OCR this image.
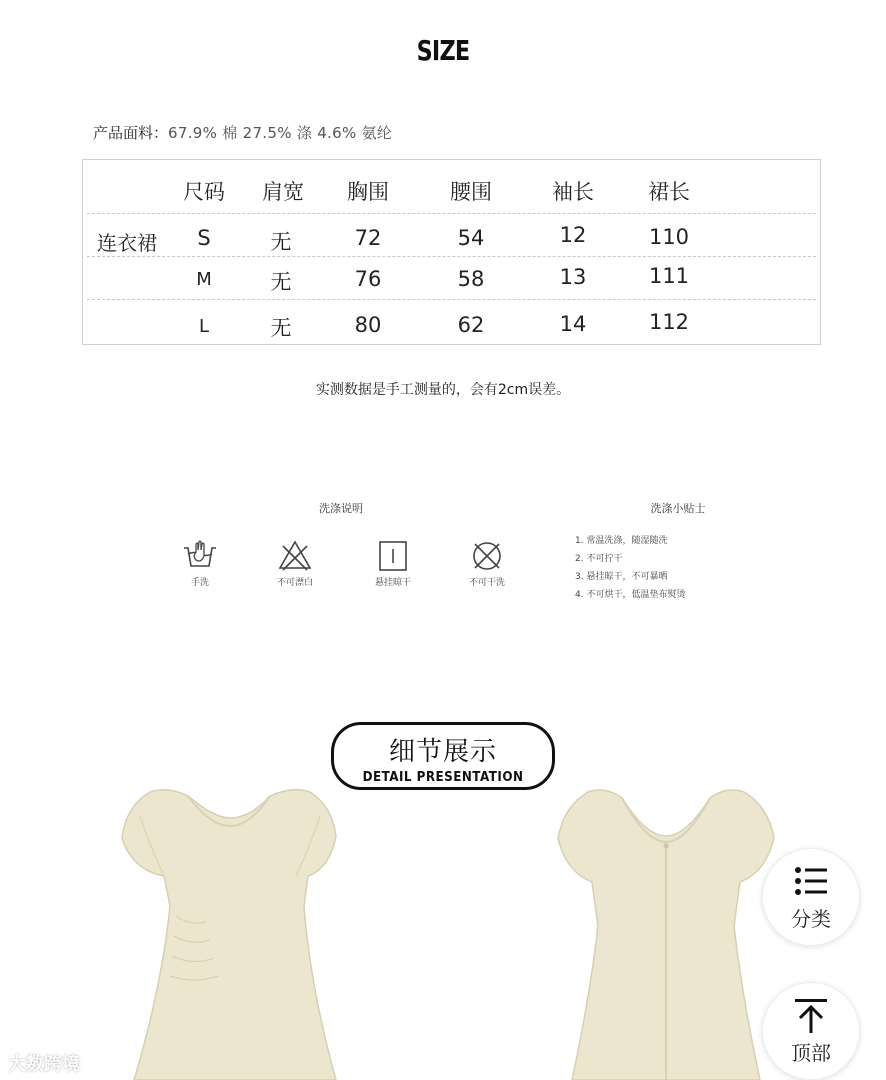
SIZE
产品面料：67.9% 棉 27.5% 涤 4.6% 氨纶
连衣裙
尺码 肩宽 胸围	腰围	袖长	裙长
S	无	72	54	12	110
M	无	76	58	13	111
L	无	80	62	14	112
实测数据是手工测量的，会有2cm误差。
洗涤说明
手洗	不可漂白	悬挂晾干	不可干洗
洗涤小贴士
1. 常温洗涤，随湿随洗
2. 不可拧干
3. 悬挂晾干，不可暴晒
4. 不可烘干，低温垫布熨烫
细节展示
DETAIL PRESENTATION
分类
顶部
大数跨境
